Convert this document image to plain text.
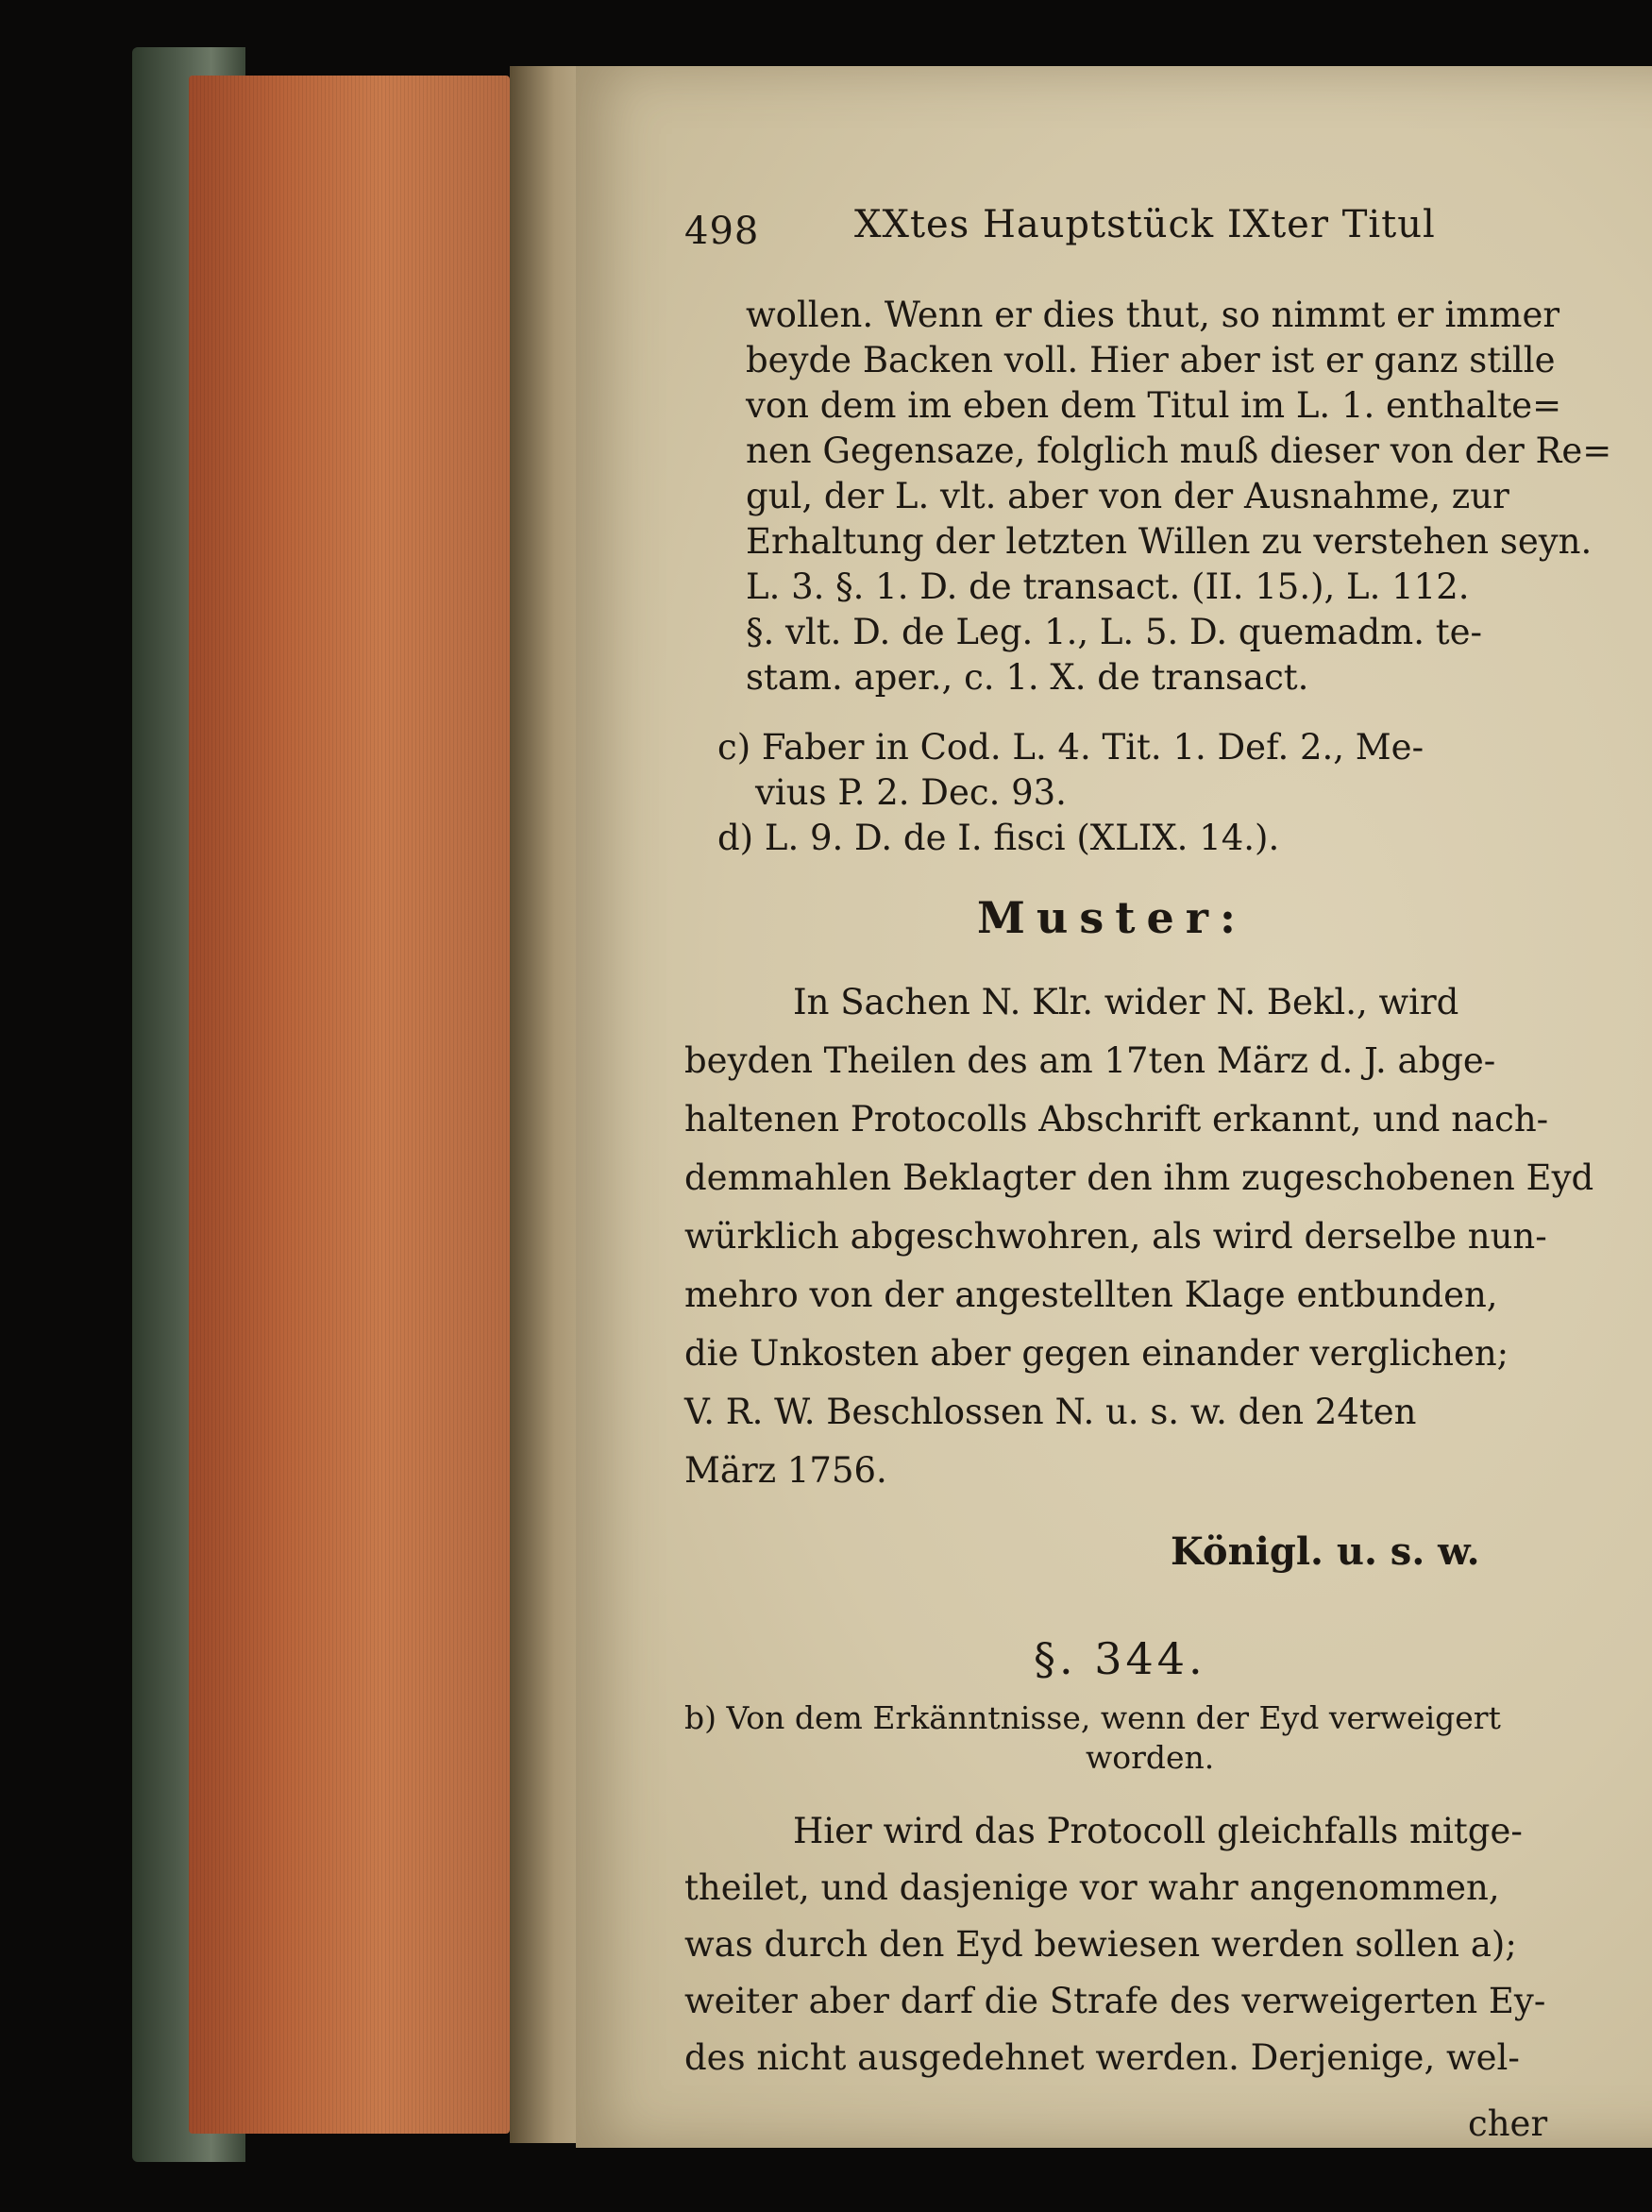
498	XXtes Hauptstück IXter Titul
wollen. Wenn er dies thut, so nimmt er immer
beyde Backen voll. Hier aber ist er ganz stille
von dem im eben dem Titul im L. 1. enthalte=
nen Gegensaze, folglich muß dieser von der Re=
gul, der L. vlt. aber von der Ausnahme, zur
Erhaltung der letzten Willen zu verstehen seyn.
L. 3. §. 1. D. de transact. (II. 15.), L. 112.
§. vlt. D. de Leg. 1., L. 5. D. quemadm. te-
stam. aper., c. 1. X. de transact.
c) Faber in Cod. L. 4. Tit. 1. Def. 2., Me-
vius P. 2. Dec. 93.
d) L. 9. D. de I. fisci (XLIX. 14.).
Muster:
In Sachen N. Klr. wider N. Bekl., wird
beyden Theilen des am 17ten März d. J. abge-
haltenen Protocolls Abschrift erkannt, und nach-
demmahlen Beklagter den ihm zugeschobenen Eyd
würklich abgeschwohren, als wird derselbe nun-
mehro von der angestellten Klage entbunden,
die Unkosten aber gegen einander verglichen;
V. R. W. Beschlossen N. u. s. w. den 24ten
März 1756.
Königl. u. s. w.
§. 344.
b) Von dem Erkänntnisse, wenn der Eyd verweigert
worden.
Hier wird das Protocoll gleichfalls mitge-
theilet, und dasjenige vor wahr angenommen,
was durch den Eyd bewiesen werden sollen a);
weiter aber darf die Strafe des verweigerten Ey-
des nicht ausgedehnet werden. Derjenige, wel-
cher
